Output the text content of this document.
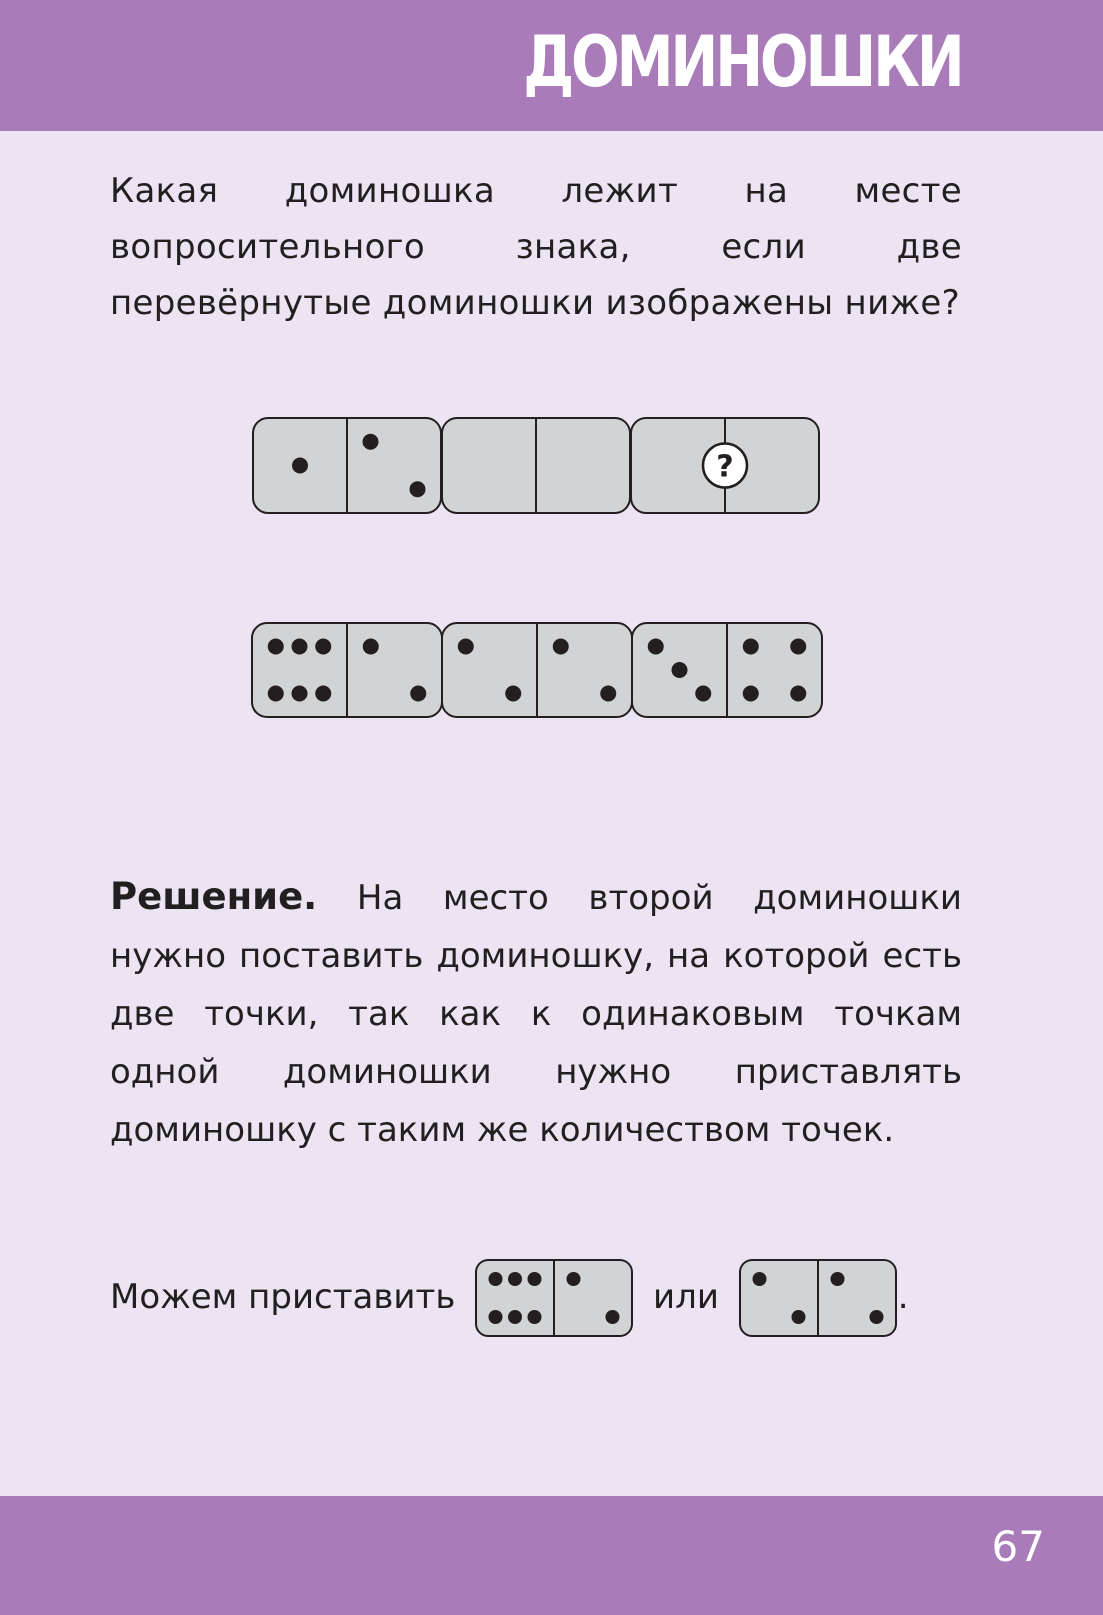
ДОМИНОШКИ
Какая доминошка лежит на месте вопросительного знака, если две перевёрнутые доминошки изображены ниже?
?
Решение. На место второй доминошки нужно поставить доминошку, на которой есть две точки, так как к одинаковым точкам одной доминошки нужно приставлять доминошку с таким же количеством точек.
Можем приставить	или	.
67
